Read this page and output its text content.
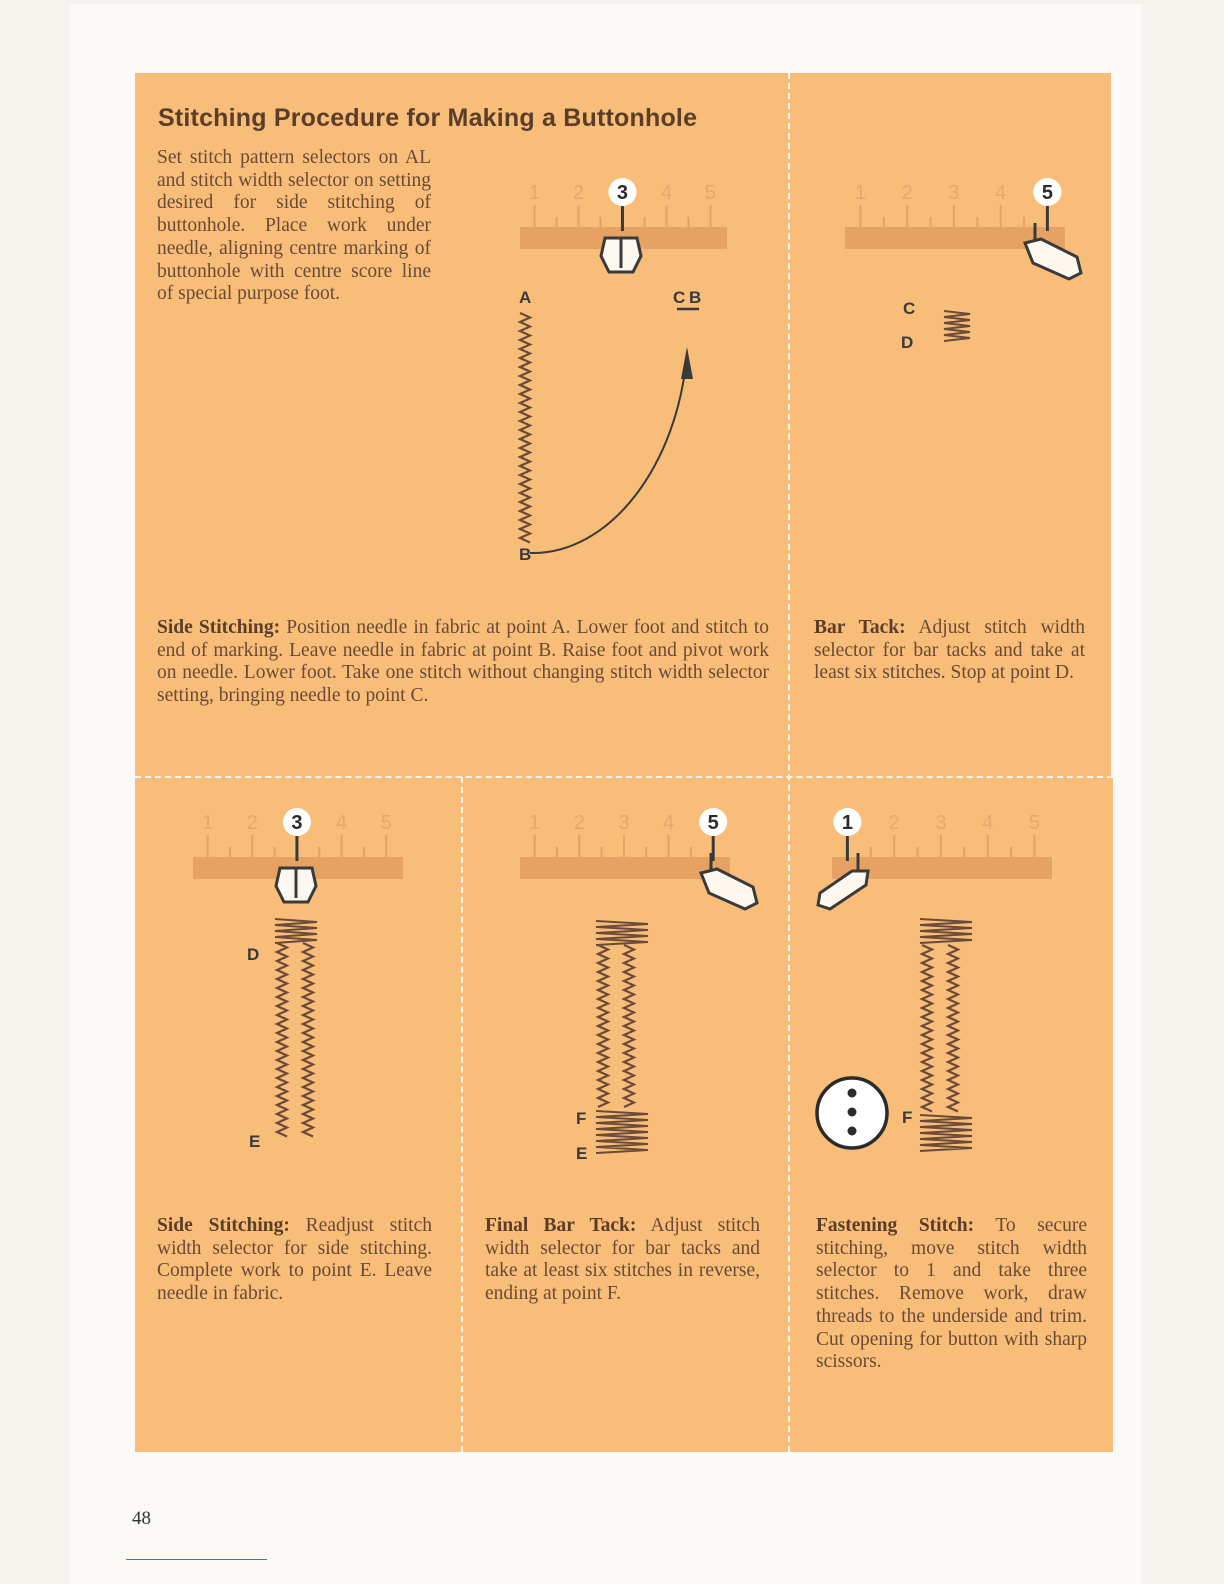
Stitching Procedure for Making a Buttonhole
Set stitch pattern selectors on AL and stitch width selector on setting desired for side stitching of buttonhole. Place work under needle, aligning centre marking of buttonhole with centre score line of special purpose foot.
Side Stitching: Position needle in fabric at point A. Lower foot and stitch to end of marking. Leave needle in fabric at point B. Raise foot and pivot work on needle. Lower foot. Take one stitch without changing stitch width selector setting, bringing needle to point C.
Bar Tack: Adjust stitch width selector for bar tacks and take at least six stitches. Stop at point D.
Side Stitching: Readjust stitch width selector for side stitching. Complete work to point E. Leave needle in fabric.
Final Bar Tack: Adjust stitch width selector for bar tacks and take at least six stitches in reverse, ending at point F.
Fastening Stitch: To secure stitching, move stitch width selector to 1 and take three stitches. Remove work, draw threads to the underside and trim. Cut opening for button with sharp scissors.
1 2 3 4 5
A	C B
B
1 2 3 4 5
C
D
1 2 3 4 5
D
E
1 2 3 4 5
F
E
1 2 3 4 5
F
48
